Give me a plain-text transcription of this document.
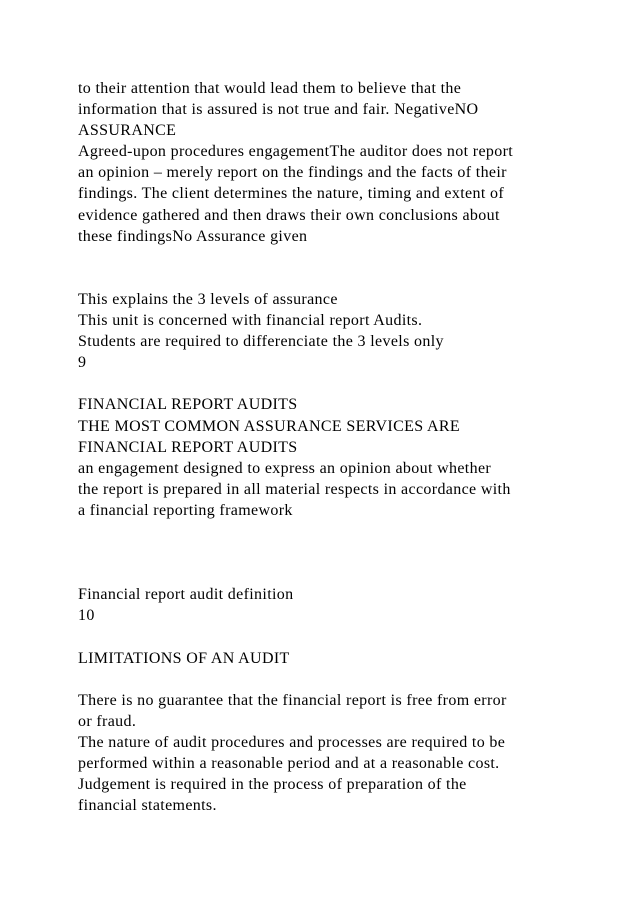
to their attention that would lead them to believe that the
information that is assured is not true and fair. NegativeNO
ASSURANCE
Agreed-upon procedures engagementThe auditor does not report
an opinion – merely report on the findings and the facts of their
findings. The client determines the nature, timing and extent of
evidence gathered and then draws their own conclusions about
these findingsNo Assurance given
This explains the 3 levels of assurance
This unit is concerned with financial report Audits.
Students are required to differenciate the 3 levels only
9
FINANCIAL REPORT AUDITS
THE MOST COMMON ASSURANCE SERVICES ARE
FINANCIAL REPORT AUDITS
an engagement designed to express an opinion about whether
the report is prepared in all material respects in accordance with
a financial reporting framework
Financial report audit definition
10
LIMITATIONS OF AN AUDIT
There is no guarantee that the financial report is free from error
or fraud.
The nature of audit procedures and processes are required to be
performed within a reasonable period and at a reasonable cost.
Judgement is required in the process of preparation of the
financial statements.
